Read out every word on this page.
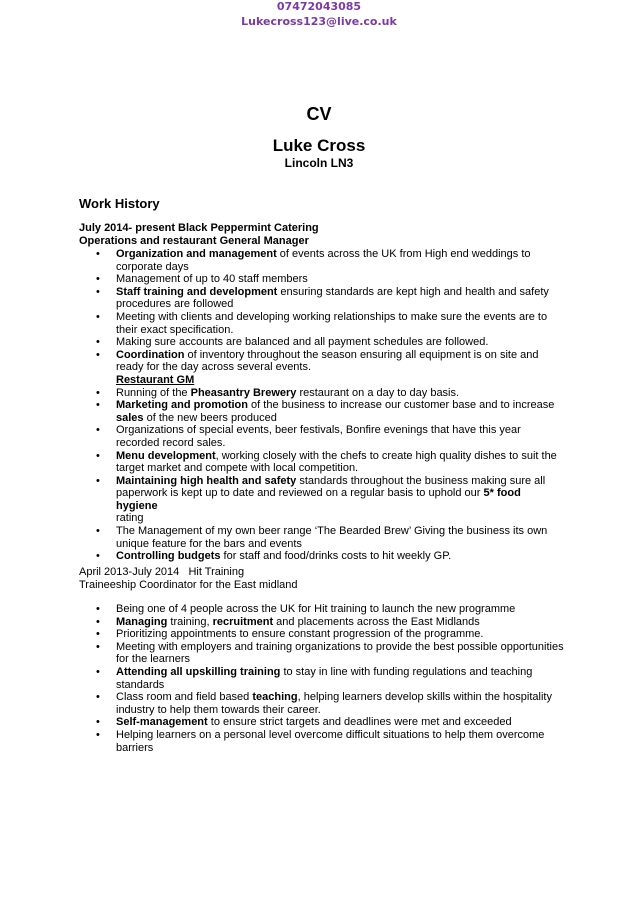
07472043085
Lukecross123@live.co.uk
CV
Luke Cross
Lincoln LN3
Work History
July 2014- present Black Peppermint Catering
Operations and restaurant General Manager
• Organization and management of events across the UK from High end weddings to corporate days
• Management of up to 40 staff members
• Staff training and development ensuring standards are kept high and health and safety procedures are followed
• Meeting with clients and developing working relationships to make sure the events are to their exact specification.
• Making sure accounts are balanced and all payment schedules are followed.
• Coordination of inventory throughout the season ensuring all equipment is on site and ready for the day across several events.
Restaurant GM
• Running of the Pheasantry Brewery restaurant on a day to day basis.
• Marketing and promotion of the business to increase our customer base and to increase sales of the new beers produced
• Organizations of special events, beer festivals, Bonfire evenings that have this year recorded record sales.
• Menu development, working closely with the chefs to create high quality dishes to suit the target market and compete with local competition.
• Maintaining high health and safety standards throughout the business making sure all paperwork is kept up to date and reviewed on a regular basis to uphold our 5* food hygiene
rating
• The Management of my own beer range ‘The Bearded Brew’ Giving the business its own unique feature for the bars and events
• Controlling budgets for staff and food/drinks costs to hit weekly GP.
April 2013-July 2014   Hit Training
Traineeship Coordinator for the East midland
• Being one of 4 people across the UK for Hit training to launch the new programme
• Managing training, recruitment and placements across the East Midlands
• Prioritizing appointments to ensure constant progression of the programme.
• Meeting with employers and training organizations to provide the best possible opportunities for the learners
• Attending all upskilling training to stay in line with funding regulations and teaching standards
• Class room and field based teaching, helping learners develop skills within the hospitality industry to help them towards their career.
• Self-management to ensure strict targets and deadlines were met and exceeded
• Helping learners on a personal level overcome difficult situations to help them overcome barriers
